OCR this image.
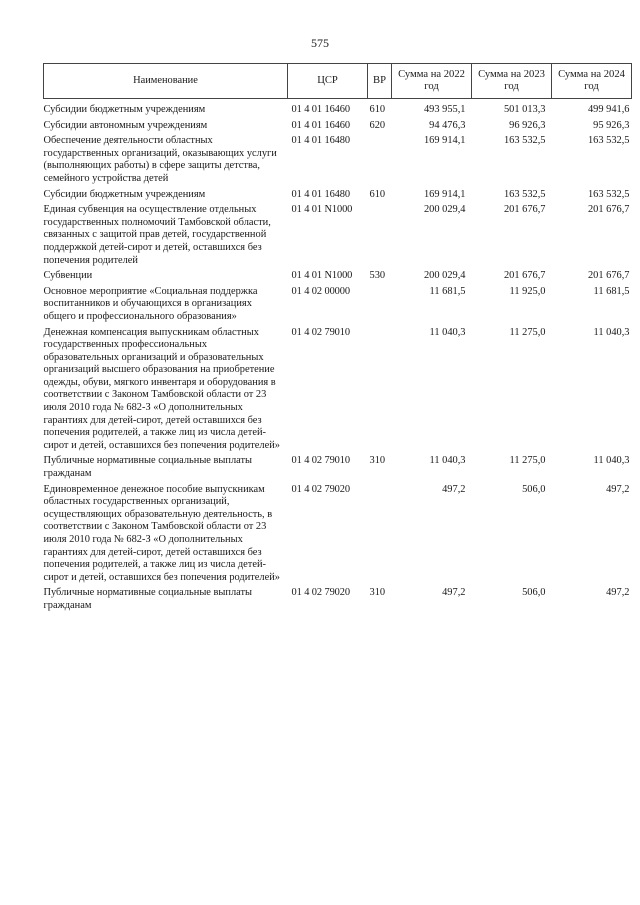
575
Наименование	ЦСР	ВР	Сумма на 2022 год	Сумма на 2023 год	Сумма на 2024 год
Субсидии бюджетным учреждениям	01 4 01 16460	610	493 955,1	501 013,3	499 941,6
Субсидии автономным учреждениям	01 4 01 16460	620	94 476,3	96 926,3	95 926,3
Обеспечение деятельности областных государственных организаций, оказывающих услуги (выполняющих работы) в сфере защиты детства, семейного устройства детей	01 4 01 16480		169 914,1	163 532,5	163 532,5
Субсидии бюджетным учреждениям	01 4 01 16480	610	169 914,1	163 532,5	163 532,5
Единая субвенция на осуществление отдельных государственных полномочий Тамбовской области, связанных с защитой прав детей, государственной поддержкой детей-сирот и детей, оставшихся без попечения родителей	01 4 01 N1000		200 029,4	201 676,7	201 676,7
Субвенции	01 4 01 N1000	530	200 029,4	201 676,7	201 676,7
Основное мероприятие «Социальная поддержка воспитанников и обучающихся в организациях общего и профессионального образования»	01 4 02 00000		11 681,5	11 925,0	11 681,5
Денежная компенсация выпускникам областных государственных профессиональных образовательных организаций и образовательных организаций высшего образования на приобретение одежды, обуви, мягкого инвентаря и оборудования в соответствии с Законом Тамбовской области от 23 июля 2010 года № 682-З «О дополнительных гарантиях для детей-сирот, детей оставшихся без попечения родителей, а также лиц из числа детей-сирот и детей, оставшихся без попечения родителей»	01 4 02 79010		11 040,3	11 275,0	11 040,3
Публичные нормативные социальные выплаты гражданам	01 4 02 79010	310	11 040,3	11 275,0	11 040,3
Единовременное денежное пособие выпускникам областных государственных организаций, осуществляющих образовательную деятельность, в соответствии с Законом Тамбовской области от 23 июля 2010 года № 682-З «О дополнительных гарантиях для детей-сирот, детей оставшихся без попечения родителей, а также лиц из числа детей-сирот и детей, оставшихся без попечения родителей»	01 4 02 79020		497,2	506,0	497,2
Публичные нормативные социальные выплаты гражданам	01 4 02 79020	310	497,2	506,0	497,2
